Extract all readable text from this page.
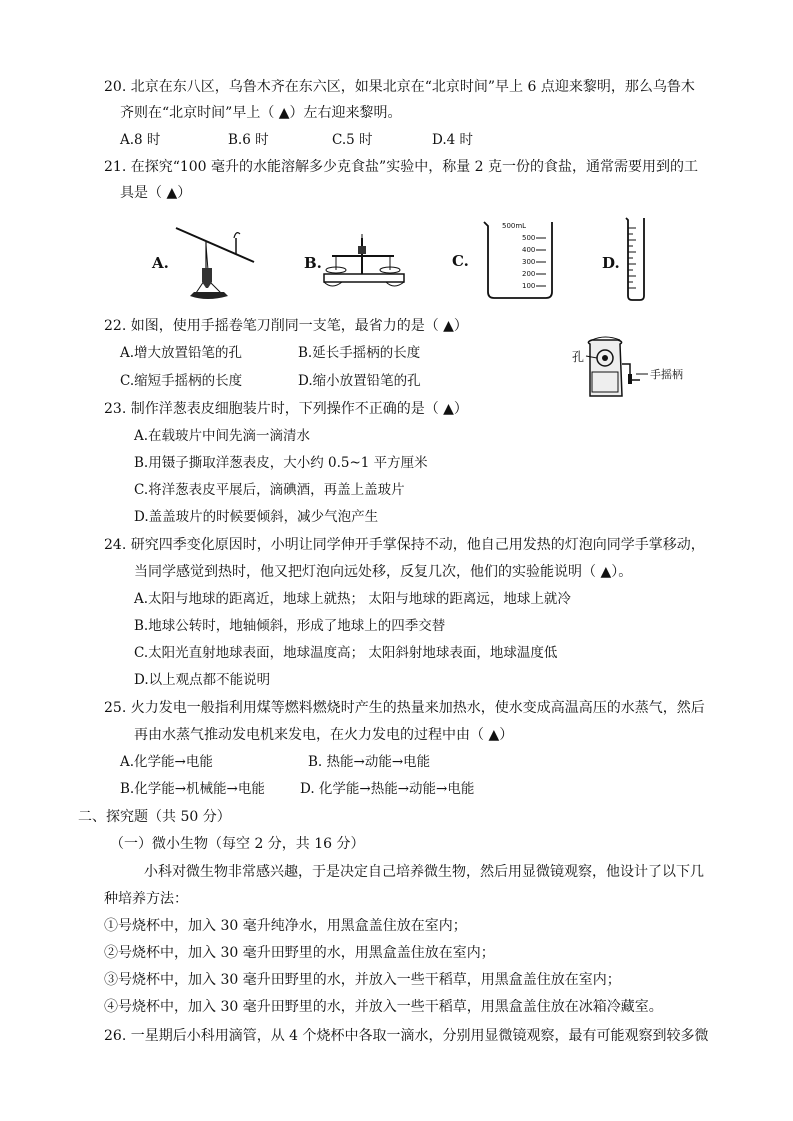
20. 北京在东八区，乌鲁木齐在东六区，如果北京在“北京时间”早上 6 点迎来黎明，那么乌鲁木
齐则在“北京时间”早上（ ▲）左右迎来黎明。
A.8 时	B.6 时	C.5 时	D.4 时
21. 在探究“100 毫升的水能溶解多少克食盐”实验中，称量 2 克一份的食盐，通常需要用到的工
具是（ ▲）
A.	B.	C.
500mL
500
400
300
200
100
D.
22. 如图，使用手摇卷笔刀削同一支笔，最省力的是（ ▲）
A.增大放置铅笔的孔	B.延长手摇柄的长度
C.缩短手摇柄的长度	D.缩小放置铅笔的孔
孔
手摇柄
23. 制作洋葱表皮细胞装片时，下列操作不正确的是（ ▲）
A.在载玻片中间先滴一滴清水
B.用镊子撕取洋葱表皮，大小约 0.5~1 平方厘米
C.将洋葱表皮平展后，滴碘酒，再盖上盖玻片
D.盖盖玻片的时候要倾斜，减少气泡产生
24. 研究四季变化原因时，小明让同学伸开手掌保持不动，他自己用发热的灯泡向同学手掌移动，
当同学感觉到热时，他又把灯泡向远处移，反复几次，他们的实验能说明（ ▲）。
A.太阳与地球的距离近，地球上就热； 太阳与地球的距离远，地球上就冷
B.地球公转时，地轴倾斜，形成了地球上的四季交替
C.太阳光直射地球表面，地球温度高； 太阳斜射地球表面，地球温度低
D.以上观点都不能说明
25. 火力发电一般指利用煤等燃料燃烧时产生的热量来加热水，使水变成高温高压的水蒸气，然后
再由水蒸气推动发电机来发电，在火力发电的过程中由（ ▲）
A.化学能→电能	B. 热能→动能→电能
B.化学能→机械能→电能	D. 化学能→热能→动能→电能
二、探究题（共 50 分）
（一）微小生物（每空 2 分，共 16 分）
小科对微生物非常感兴趣，于是决定自己培养微生物，然后用显微镜观察，他设计了以下几
种培养方法：
①号烧杯中，加入 30 毫升纯净水，用黑盒盖住放在室内；
②号烧杯中，加入 30 毫升田野里的水，用黑盒盖住放在室内；
③号烧杯中，加入 30 毫升田野里的水，并放入一些干稻草，用黑盒盖住放在室内；
④号烧杯中，加入 30 毫升田野里的水，并放入一些干稻草，用黑盒盖住放在冰箱冷藏室。
26. 一星期后小科用滴管，从 4 个烧杯中各取一滴水，分别用显微镜观察，最有可能观察到较多微
